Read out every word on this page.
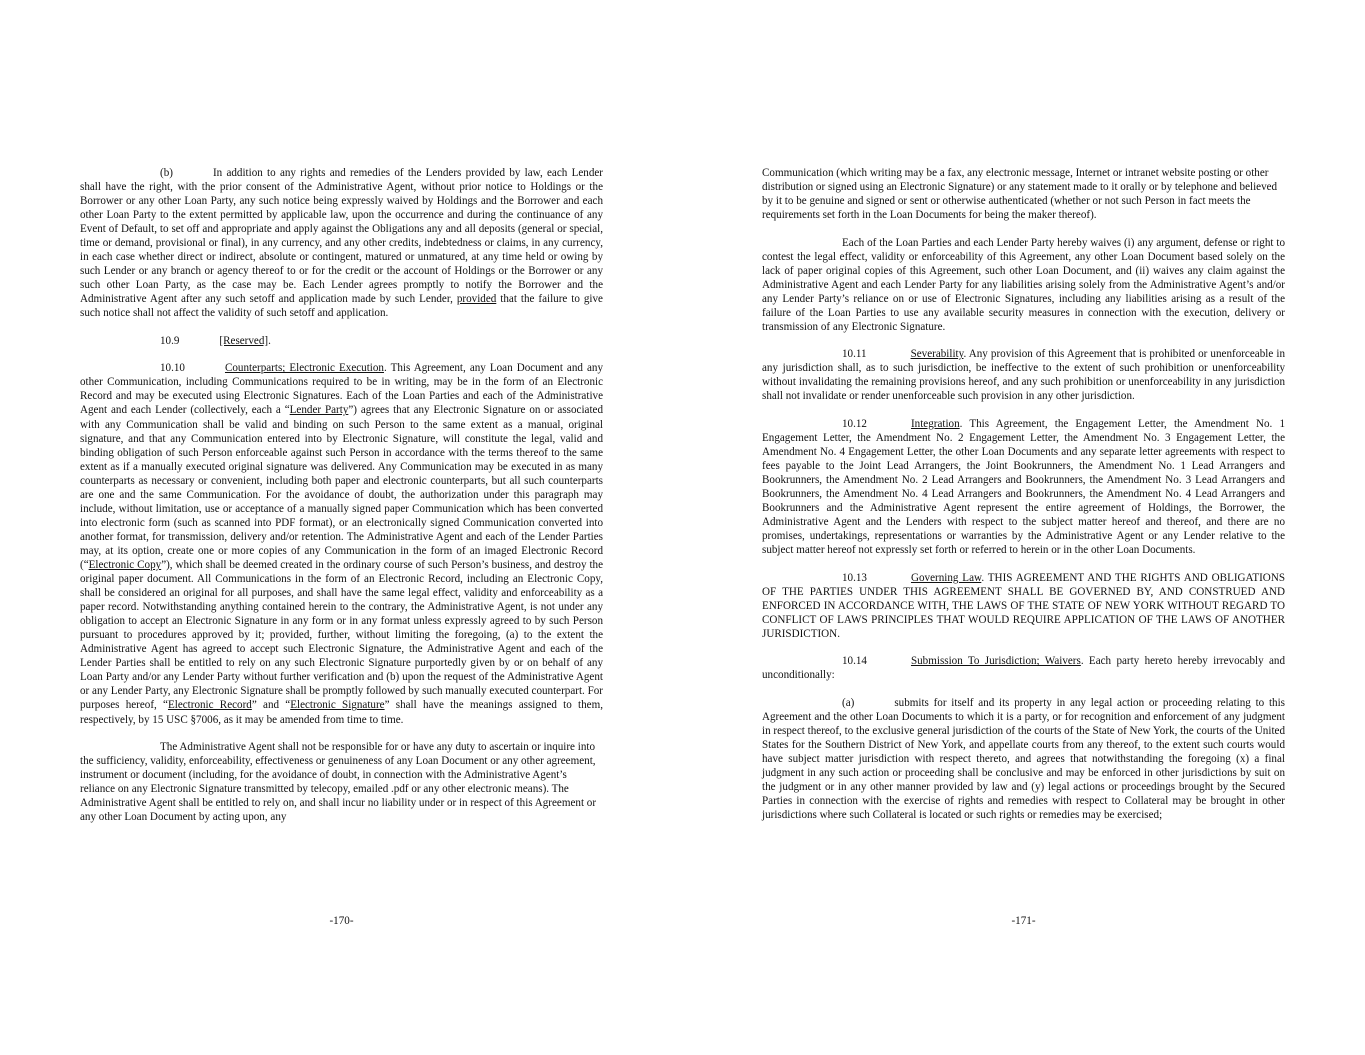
(b)	In addition to any rights and remedies of the Lenders provided by law, each Lender shall have the right, with the prior consent of the Administrative Agent, without prior notice to Holdings or the Borrower or any other Loan Party, any such notice being expressly waived by Holdings and the Borrower and each other Loan Party to the extent permitted by applicable law, upon the occurrence and during the continuance of any Event of Default, to set off and appropriate and apply against the Obligations any and all deposits (general or special, time or demand, provisional or final), in any currency, and any other credits, indebtedness or claims, in any currency, in each case whether direct or indirect, absolute or contingent, matured or unmatured, at any time held or owing by such Lender or any branch or agency thereof to or for the credit or the account of Holdings or the Borrower or any such other Loan Party, as the case may be. Each Lender agrees promptly to notify the Borrower and the Administrative Agent after any such setoff and application made by such Lender, provided that the failure to give such notice shall not affect the validity of such setoff and application.

10.9	[Reserved].

10.10	Counterparts; Electronic Execution. This Agreement, any Loan Document and any other Communication, including Communications required to be in writing, may be in the form of an Electronic Record and may be executed using Electronic Signatures. Each of the Loan Parties and each of the Administrative Agent and each Lender (collectively, each a “Lender Party”) agrees that any Electronic Signature on or associated with any Communication shall be valid and binding on such Person to the same extent as a manual, original signature, and that any Communication entered into by Electronic Signature, will constitute the legal, valid and binding obligation of such Person enforceable against such Person in accordance with the terms thereof to the same extent as if a manually executed original signature was delivered. Any Communication may be executed in as many counterparts as necessary or convenient, including both paper and electronic counterparts, but all such counterparts are one and the same Communication. For the avoidance of doubt, the authorization under this paragraph may include, without limitation, use or acceptance of a manually signed paper Communication which has been converted into electronic form (such as scanned into PDF format), or an electronically signed Communication converted into another format, for transmission, delivery and/or retention. The Administrative Agent and each of the Lender Parties may, at its option, create one or more copies of any Communication in the form of an imaged Electronic Record (“Electronic Copy”), which shall be deemed created in the ordinary course of such Person’s business, and destroy the original paper document. All Communications in the form of an Electronic Record, including an Electronic Copy, shall be considered an original for all purposes, and shall have the same legal effect, validity and enforceability as a paper record. Notwithstanding anything contained herein to the contrary, the Administrative Agent, is not under any obligation to accept an Electronic Signature in any form or in any format unless expressly agreed to by such Person pursuant to procedures approved by it; provided, further, without limiting the foregoing, (a) to the extent the Administrative Agent has agreed to accept such Electronic Signature, the Administrative Agent and each of the Lender Parties shall be entitled to rely on any such Electronic Signature purportedly given by or on behalf of any Loan Party and/or any Lender Party without further verification and (b) upon the request of the Administrative Agent or any Lender Party, any Electronic Signature shall be promptly followed by such manually executed counterpart. For purposes hereof, “Electronic Record” and “Electronic Signature” shall have the meanings assigned to them, respectively, by 15 USC §7006, as it may be amended from time to time.

The Administrative Agent shall not be responsible for or have any duty to ascertain or inquire into the sufficiency, validity, enforceability, effectiveness or genuineness of any Loan Document or any other agreement, instrument or document (including, for the avoidance of doubt, in connection with the Administrative Agent’s reliance on any Electronic Signature transmitted by telecopy, emailed .pdf or any other electronic means). The Administrative Agent shall be entitled to rely on, and shall incur no liability under or in respect of this Agreement or any other Loan Document by acting upon, any

-170-

Communication (which writing may be a fax, any electronic message, Internet or intranet website posting or other distribution or signed using an Electronic Signature) or any statement made to it orally or by telephone and believed by it to be genuine and signed or sent or otherwise authenticated (whether or not such Person in fact meets the requirements set forth in the Loan Documents for being the maker thereof).

Each of the Loan Parties and each Lender Party hereby waives (i) any argument, defense or right to contest the legal effect, validity or enforceability of this Agreement, any other Loan Document based solely on the lack of paper original copies of this Agreement, such other Loan Document, and (ii) waives any claim against the Administrative Agent and each Lender Party for any liabilities arising solely from the Administrative Agent’s and/or any Lender Party’s reliance on or use of Electronic Signatures, including any liabilities arising as a result of the failure of the Loan Parties to use any available security measures in connection with the execution, delivery or transmission of any Electronic Signature.

10.11	Severability. Any provision of this Agreement that is prohibited or unenforceable in any jurisdiction shall, as to such jurisdiction, be ineffective to the extent of such prohibition or unenforceability without invalidating the remaining provisions hereof, and any such prohibition or unenforceability in any jurisdiction shall not invalidate or render unenforceable such provision in any other jurisdiction.

10.12	Integration. This Agreement, the Engagement Letter, the Amendment No. 1 Engagement Letter, the Amendment No. 2 Engagement Letter, the Amendment No. 3 Engagement Letter, the Amendment No. 4 Engagement Letter, the other Loan Documents and any separate letter agreements with respect to fees payable to the Joint Lead Arrangers, the Joint Bookrunners, the Amendment No. 1 Lead Arrangers and Bookrunners, the Amendment No. 2 Lead Arrangers and Bookrunners, the Amendment No. 3 Lead Arrangers and Bookrunners, the Amendment No. 4 Lead Arrangers and Bookrunners, the Amendment No. 4 Lead Arrangers and Bookrunners and the Administrative Agent represent the entire agreement of Holdings, the Borrower, the Administrative Agent and the Lenders with respect to the subject matter hereof and thereof, and there are no promises, undertakings, representations or warranties by the Administrative Agent or any Lender relative to the subject matter hereof not expressly set forth or referred to herein or in the other Loan Documents.

10.13	Governing Law. THIS AGREEMENT AND THE RIGHTS AND OBLIGATIONS OF THE PARTIES UNDER THIS AGREEMENT SHALL BE GOVERNED BY, AND CONSTRUED AND ENFORCED IN ACCORDANCE WITH, THE LAWS OF THE STATE OF NEW YORK WITHOUT REGARD TO CONFLICT OF LAWS PRINCIPLES THAT WOULD REQUIRE APPLICATION OF THE LAWS OF ANOTHER JURISDICTION.

10.14	Submission To Jurisdiction; Waivers. Each party hereto hereby irrevocably and unconditionally:

(a)	submits for itself and its property in any legal action or proceeding relating to this Agreement and the other Loan Documents to which it is a party, or for recognition and enforcement of any judgment in respect thereof, to the exclusive general jurisdiction of the courts of the State of New York, the courts of the United States for the Southern District of New York, and appellate courts from any thereof, to the extent such courts would have subject matter jurisdiction with respect thereto, and agrees that notwithstanding the foregoing (x) a final judgment in any such action or proceeding shall be conclusive and may be enforced in other jurisdictions by suit on the judgment or in any other manner provided by law and (y) legal actions or proceedings brought by the Secured Parties in connection with the exercise of rights and remedies with respect to Collateral may be brought in other jurisdictions where such Collateral is located or such rights or remedies may be exercised;

-171-
